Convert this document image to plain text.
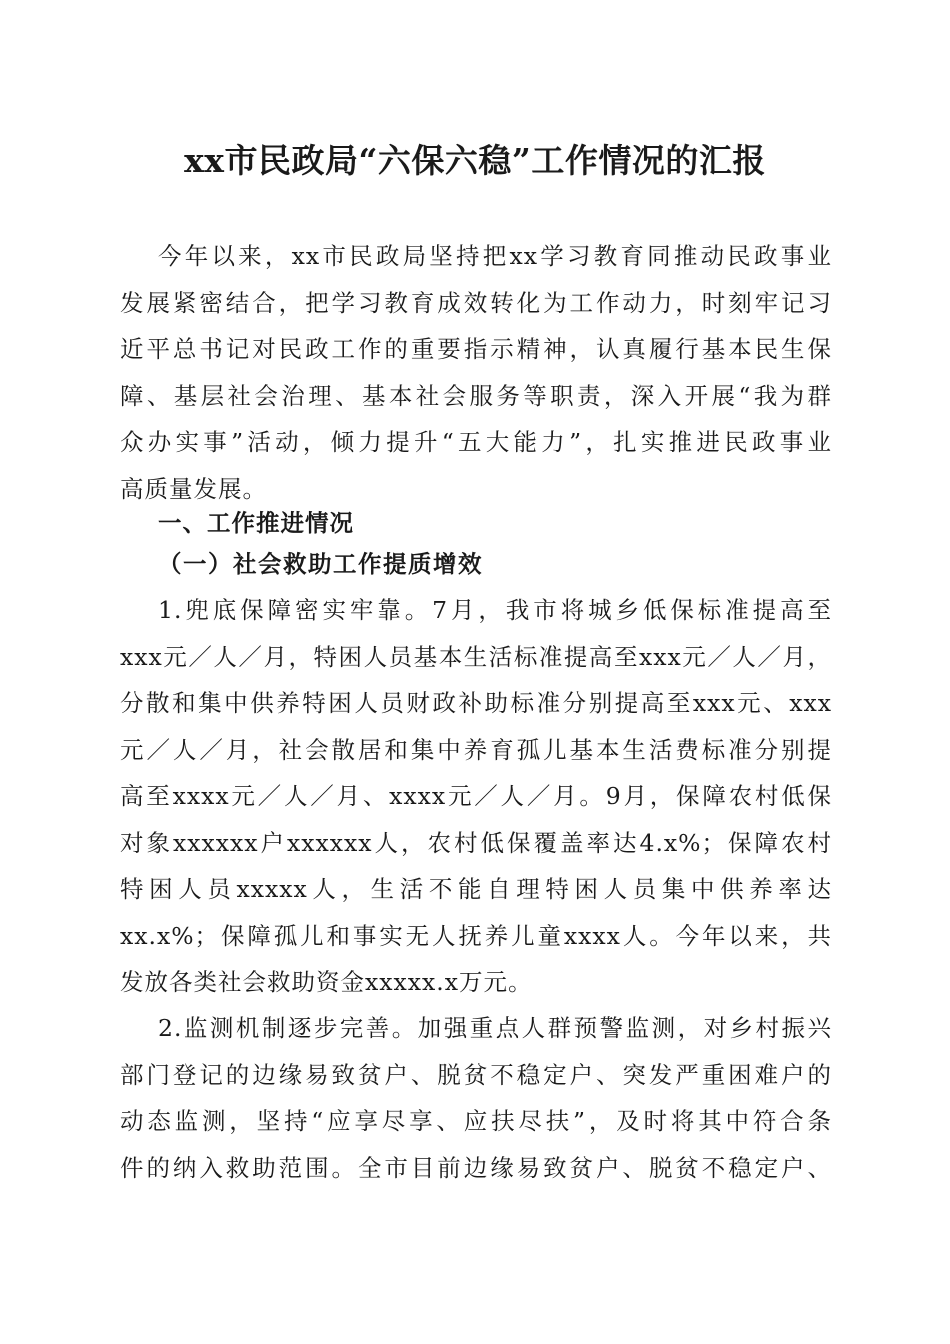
xx市民政局“六保六稳”工作情况的汇报
今年以来，xx市民政局坚持把xx学习教育同推动民政事业
发展紧密结合，把学习教育成效转化为工作动力，时刻牢记习
近平总书记对民政工作的重要指示精神，认真履行基本民生保
障、基层社会治理、基本社会服务等职责，深入开展“我为群
众办实事”活动，倾力提升“五大能力”，扎实推进民政事业
高质量发展。
一、工作推进情况
（一）社会救助工作提质增效
1.兜底保障密实牢靠。7月，我市将城乡低保标准提高至
xxx元／人／月，特困人员基本生活标准提高至xxx元／人／月，
分散和集中供养特困人员财政补助标准分别提高至xxx元、xxx
元／人／月，社会散居和集中养育孤儿基本生活费标准分别提
高至xxxx元／人／月、xxxx元／人／月。9月，保障农村低保
对象xxxxxx户xxxxxx人，农村低保覆盖率达4.x%；保障农村
特困人员xxxxx人，生活不能自理特困人员集中供养率达
xx.x%；保障孤儿和事实无人抚养儿童xxxx人。今年以来，共
发放各类社会救助资金xxxxx.x万元。
2.监测机制逐步完善。加强重点人群预警监测，对乡村振兴
部门登记的边缘易致贫户、脱贫不稳定户、突发严重困难户的
动态监测，坚持“应享尽享、应扶尽扶”，及时将其中符合条
件的纳入救助范围。全市目前边缘易致贫户、脱贫不稳定户、
